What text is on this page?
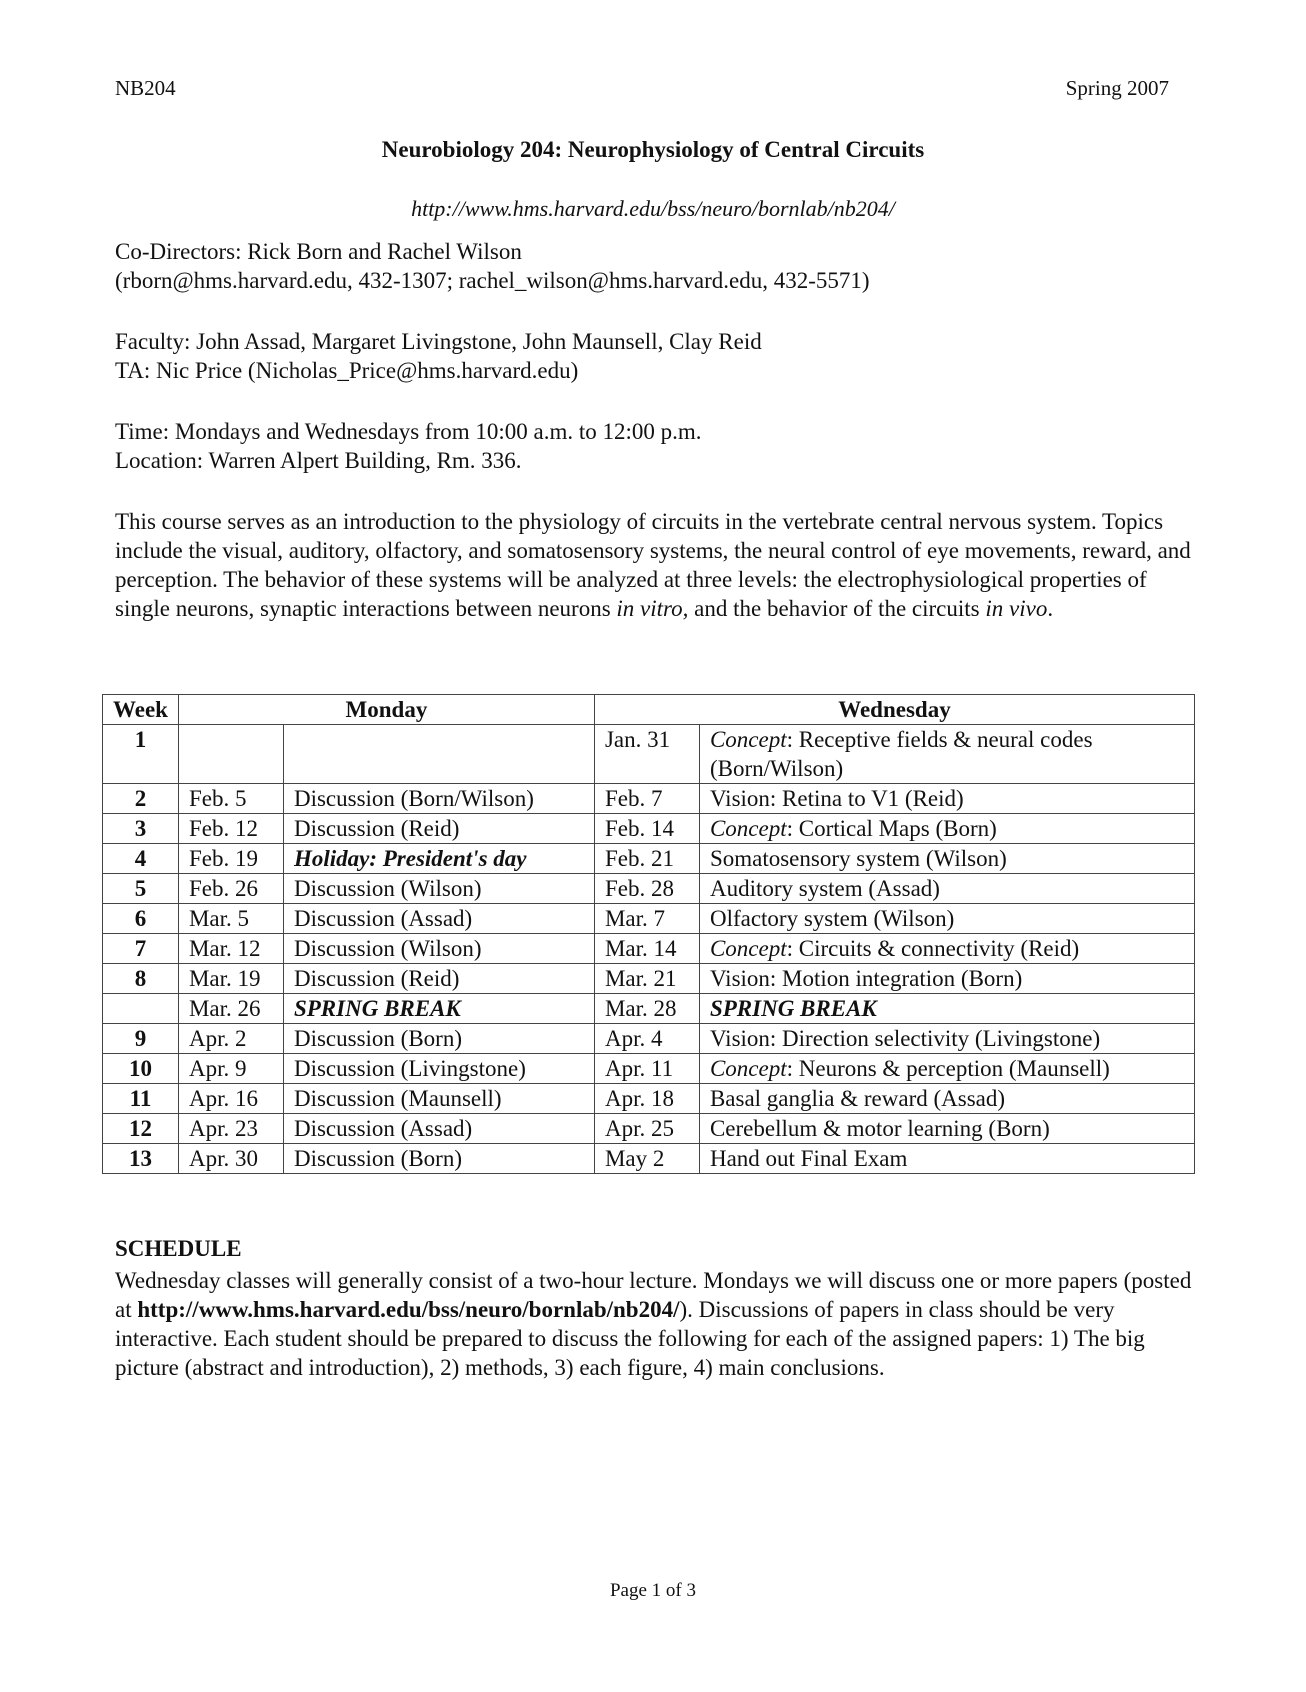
NB204	Spring 2007
Neurobiology 204: Neurophysiology of Central Circuits
http://www.hms.harvard.edu/bss/neuro/bornlab/nb204/
Co-Directors: Rick Born and Rachel Wilson
(rborn@hms.harvard.edu, 432-1307; rachel_wilson@hms.harvard.edu, 432-5571)
Faculty: John Assad, Margaret Livingstone, John Maunsell, Clay Reid
TA: Nic Price (Nicholas_Price@hms.harvard.edu)
Time: Mondays and Wednesdays from 10:00 a.m. to 12:00 p.m.
Location: Warren Alpert Building, Rm. 336.

This course serves as an introduction to the physiology of circuits in the vertebrate central nervous system. Topics include the visual, auditory, olfactory, and somatosensory systems, the neural control of eye movements, reward, and perception. The behavior of these systems will be analyzed at three levels: the electrophysiological properties of single neurons, synaptic interactions between neurons in vitro, and the behavior of the circuits in vivo.

Week	Monday		Wednesday	
1			Jan. 31	Concept: Receptive fields & neural codes (Born/Wilson)
2	Feb. 5	Discussion (Born/Wilson)	Feb. 7	Vision: Retina to V1 (Reid)
3	Feb. 12	Discussion (Reid)	Feb. 14	Concept: Cortical Maps (Born)
4	Feb. 19	Holiday: President's day	Feb. 21	Somatosensory system (Wilson)
5	Feb. 26	Discussion (Wilson)	Feb. 28	Auditory system (Assad)
6	Mar. 5	Discussion (Assad)	Mar. 7	Olfactory system (Wilson)
7	Mar. 12	Discussion (Wilson)	Mar. 14	Concept: Circuits & connectivity (Reid)
8	Mar. 19	Discussion (Reid)	Mar. 21	Vision: Motion integration (Born)
	Mar. 26	SPRING BREAK	Mar. 28	SPRING BREAK
9	Apr. 2	Discussion (Born)	Apr. 4	Vision: Direction selectivity (Livingstone)
10	Apr. 9	Discussion (Livingstone)	Apr. 11	Concept: Neurons & perception (Maunsell)
11	Apr. 16	Discussion (Maunsell)	Apr. 18	Basal ganglia & reward (Assad)
12	Apr. 23	Discussion (Assad)	Apr. 25	Cerebellum & motor learning (Born)
13	Apr. 30	Discussion (Born)	May 2	Hand out Final Exam
SCHEDULE

Wednesday classes will generally consist of a two-hour lecture. Mondays we will discuss one or more papers (posted at http://www.hms.harvard.edu/bss/neuro/bornlab/nb204/). Discussions of papers in class should be very interactive. Each student should be prepared to discuss the following for each of the assigned papers: 1) The big picture (abstract and introduction), 2) methods, 3) each figure, 4) main conclusions.

Page 1 of 3
